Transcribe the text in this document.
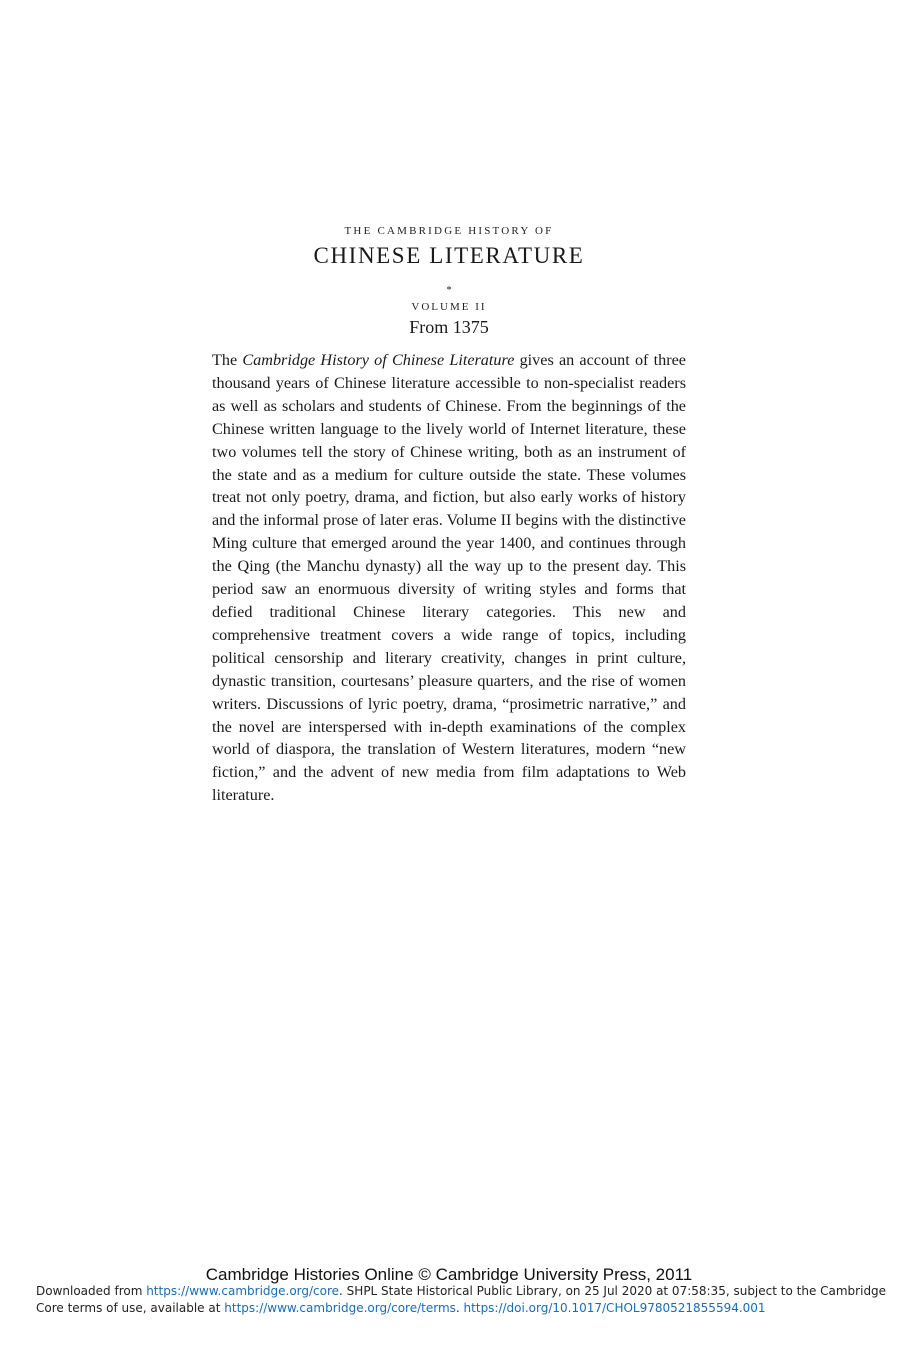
THE CAMBRIDGE HISTORY OF
CHINESE LITERATURE
*
VOLUME II
From 1375

The Cambridge History of Chinese Literature gives an account of three thousand years of Chinese literature accessible to non-specialist readers as well as scholars and students of Chinese. From the beginnings of the Chinese written language to the lively world of Internet literature, these two volumes tell the story of Chinese writing, both as an instrument of the state and as a medium for culture outside the state. These volumes treat not only poetry, drama, and fiction, but also early works of history and the informal prose of later eras. Volume II begins with the distinctive Ming culture that emerged around the year 1400, and continues through the Qing (the Manchu dynasty) all the way up to the present day. This period saw an enormuous diversity of writing styles and forms that defied traditional Chinese literary categories. This new and comprehensive treatment covers a wide range of topics, including political censorship and literary creativity, changes in print culture, dynastic transition, courtesans’ pleasure quarters, and the rise of women writers. Discussions of lyric poetry, drama, “prosimetric narrative,” and the novel are interspersed with in-depth examinations of the complex world of diaspora, the translation of Western literatures, modern “new fiction,” and the advent of new media from film adaptations to Web literature.

Cambridge Histories Online © Cambridge University Press, 2011
Downloaded from https://www.cambridge.org/core. SHPL State Historical Public Library, on 25 Jul 2020 at 07:58:35, subject to the Cambridge
Core terms of use, available at https://www.cambridge.org/core/terms. https://doi.org/10.1017/CHOL9780521855594.001
